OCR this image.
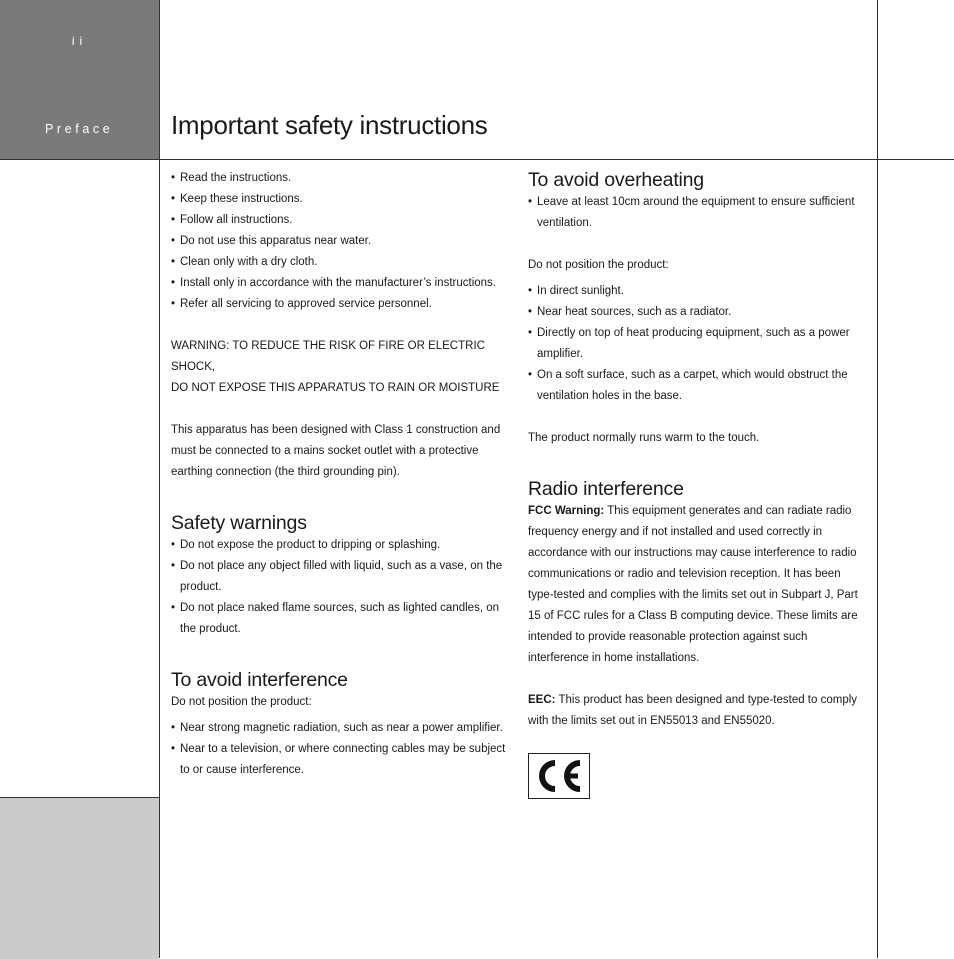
ii
Preface Important safety instructions
• Read the instructions.
• Keep these instructions.
• Follow all instructions.
• Do not use this apparatus near water.
• Clean only with a dry cloth.
• Install only in accordance with the manufacturer’s instructions.
• Refer all servicing to approved service personnel.

WARNING: TO REDUCE THE RISK OF FIRE OR ELECTRIC SHOCK,

DO NOT EXPOSE THIS APPARATUS TO RAIN OR MOISTURE

This apparatus has been designed with Class 1 construction and must be connected to a mains socket outlet with a protective earthing connection (the third grounding pin).

Safety warnings
• Do not expose the product to dripping or splashing.
• Do not place any object filled with liquid, such as a vase, on the product.
• Do not place naked flame sources, such as lighted candles, on the product.
To avoid interference

Do not position the product:

• Near strong magnetic radiation, such as near a power amplifier.
• Near to a television, or where connecting cables may be subject to or cause interference.
To avoid overheating
• Leave at least 10cm around the equipment to ensure sufficient ventilation.

Do not position the product:

• In direct sunlight.
• Near heat sources, such as a radiator.
• Directly on top of heat producing equipment, such as a power amplifier.
• On a soft surface, such as a carpet, which would obstruct the ventilation holes in the base.

The product normally runs warm to the touch.

Radio interference

FCC Warning: This equipment generates and can radiate radio frequency energy and if not installed and used correctly in accordance with our instructions may cause interference to radio communications or radio and television reception. It has been type-tested and complies with the limits set out in Subpart J, Part 15 of FCC rules for a Class B computing device. These limits are intended to provide reasonable protection against such interference in home installations.

EEC: This product has been designed and type-tested to comply with the limits set out in EN55013 and EN55020.
